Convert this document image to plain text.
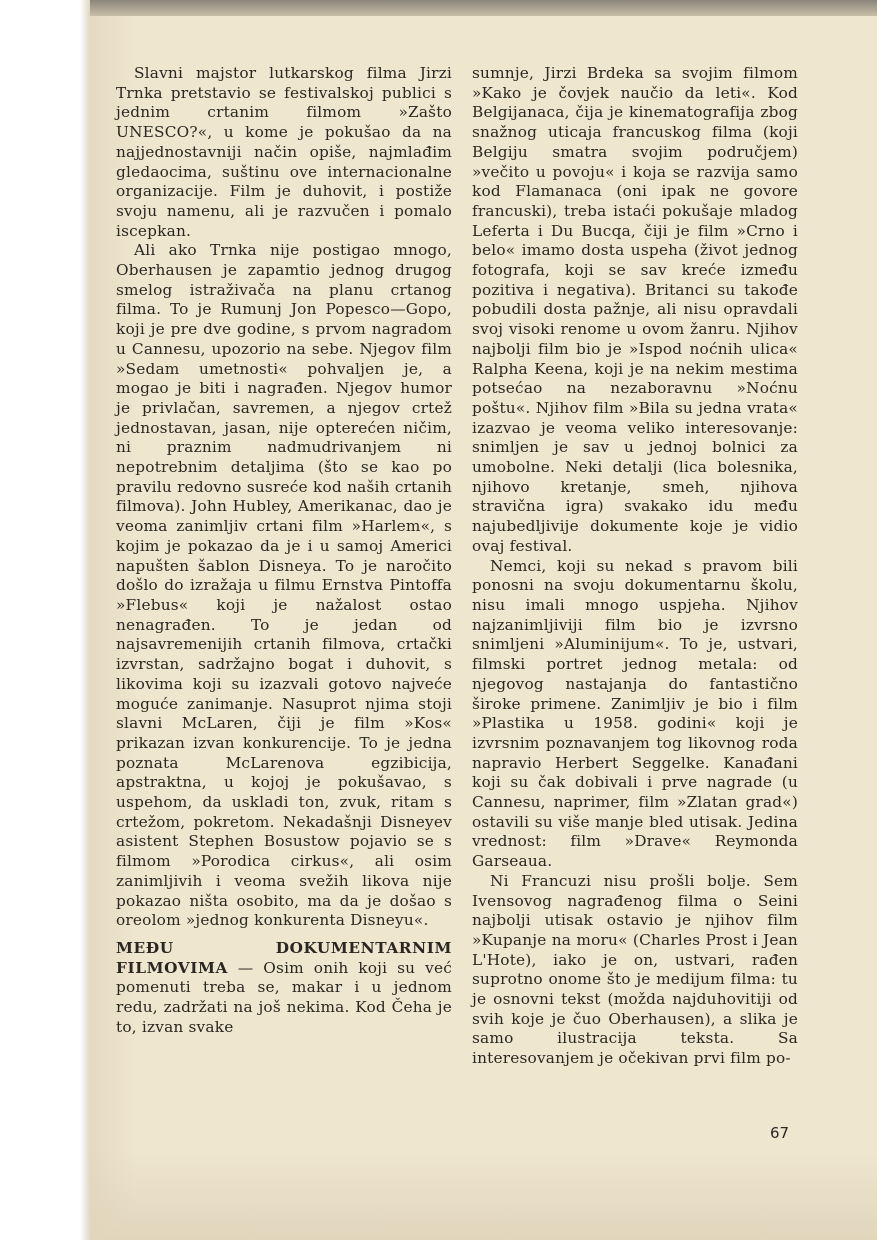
Slavni majstor lutkarskog filma Jirzi Trnka pretstavio se festivalskoj publici s jednim crtanim filmom »Zašto UNESCO?«, u kome je pokušao da na najjednostavniji način opiše, najmlađim gledaocima, suštinu ove internacionalne organizacije. Film je duhovit, i postiže svoju namenu, ali je razvučen i pomalo iscepkan.

Ali ako Trnka nije postigao mnogo, Oberhausen je zapamtio jednog drugog smelog istraživača na planu crtanog filma. To je Rumunj Jon Popesco—Gopo, koji je pre dve godine, s prvom nagradom u Cannesu, upozorio na sebe. Njegov film »Sedam umetnosti« pohvaljen je, a mogao je biti i nagrađen. Njegov humor je privlačan, savremen, a njegov crtež jednostavan, jasan, nije opterećen ničim, ni praznim nadmudrivanjem ni nepotrebnim detaljima (što se kao po pravilu redovno susreće kod naših crtanih filmova). John Hubley, Amerikanac, dao je veoma zanimljiv crtani film »Harlem«, s kojim je pokazao da je i u samoj Americi napušten šablon Disneya. To je naročito došlo do izražaja u filmu Ernstva Pintoffa »Flebus« koji je nažalost ostao nenagrađen. To je jedan od najsavremenijih crtanih filmova, crtački izvrstan, sadržajno bogat i duhovit, s likovima koji su izazvali gotovo najveće moguće zanimanje. Nasuprot njima stoji slavni McLaren, čiji je film »Kos« prikazan izvan konkurencije. To je jedna poznata McLarenova egzibicija, apstraktna, u kojoj je pokušavao, s uspehom, da uskladi ton, zvuk, ritam s crtežom, pokretom. Nekadašnji Disneyev asistent Stephen Bosustow pojavio se s filmom »Porodica cirkus«, ali osim zanimljivih i veoma svežih likova nije pokazao ništa osobito, ma da je došao s oreolom »jednog konkurenta Disneyu«.

MEĐU DOKUMENTARNIM FILMOVIMA — Osim onih koji su već pomenuti treba se, makar i u jednom redu, zadržati na još nekima. Kod Čeha je to, izvan svake

sumnje, Jirzi Brdeka sa svojim filmom »Kako je čovjek naučio da leti«. Kod Belgijanaca, čija je kinematografija zbog snažnog uticaja francuskog filma (koji Belgiju smatra svojim područjem) »večito u povoju« i koja se razvija samo kod Flamanaca (oni ipak ne govore francuski), treba istaći pokušaje mladog Leferta i Du Bucqa, čiji je film »Crno i belo« imamo dosta uspeha (život jednog fotografa, koji se sav kreće između pozitiva i negativa). Britanci su takođe pobudili dosta pažnje, ali nisu opravdali svoj visoki renome u ovom žanru. Njihov najbolji film bio je »Ispod noćnih ulica« Ralpha Keena, koji je na nekim mestima potsećao na nezaboravnu »Noćnu poštu«. Njihov film »Bila su jedna vrata« izazvao je veoma veliko interesovanje: snimljen je sav u jednoj bolnici za umobolne. Neki detalji (lica bolesnika, njihovo kretanje, smeh, njihova stravična igra) svakako idu među najubedljivije dokumente koje je vidio ovaj festival.

Nemci, koji su nekad s pravom bili ponosni na svoju dokumentarnu školu, nisu imali mnogo uspjeha. Njihov najzanimljiviji film bio je izvrsno snimljeni »Aluminijum«. To je, ustvari, filmski portret jednog metala: od njegovog nastajanja do fantastično široke primene. Zanimljiv je bio i film »Plastika u 1958. godini« koji je izvrsnim poznavanjem tog likovnog roda napravio Herbert Seggelke. Kanađani koji su čak dobivali i prve nagrade (u Cannesu, naprimer, film »Zlatan grad«) ostavili su više manje bled utisak. Jedina vrednost: film »Drave« Reymonda Garseaua.

Ni Francuzi nisu prošli bolje. Sem Ivensovog nagrađenog filma o Seini najbolji utisak ostavio je njihov film »Kupanje na moru« (Charles Prost i Jean L'Hote), iako je on, ustvari, rađen suprotno onome što je medijum filma: tu je osnovni tekst (možda najduhovitiji od svih koje je čuo Oberhausen), a slika je samo ilustracija teksta. Sa interesovanjem je očekivan prvi film po-

67
